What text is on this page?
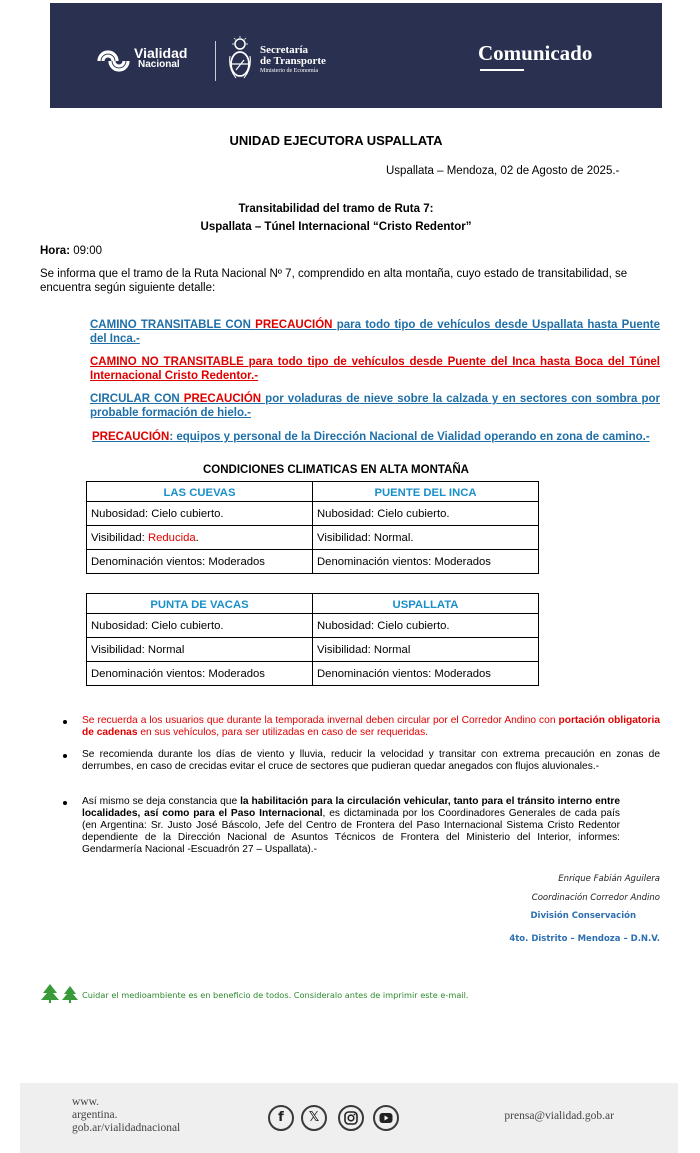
Vialidad
Nacional
Secretaría
de Transporte
Ministerio de Economía
Comunicado
UNIDAD EJECUTORA USPALLATA
Uspallata – Mendoza, 02 de Agosto de 2025.-
Transitabilidad del tramo de Ruta 7:
Uspallata – Túnel Internacional “Cristo Redentor”
Hora: 09:00

Se informa que el tramo de la Ruta Nacional Nº 7, comprendido en alta montaña, cuyo estado de transitabilidad, se encuentra según siguiente detalle:

CAMINO TRANSITABLE CON PRECAUCIÓN para todo tipo de vehículos desde Uspallata hasta Puente del Inca.-

CAMINO NO TRANSITABLE para todo tipo de vehículos desde Puente del Inca hasta Boca del Túnel Internacional Cristo Redentor.-

CIRCULAR CON PRECAUCIÓN por voladuras de nieve sobre la calzada y en sectores con sombra por probable formación de hielo.-

PRECAUCIÓN: equipos y personal de la Dirección Nacional de Vialidad operando en zona de camino.-

CONDICIONES CLIMATICAS EN ALTA MONTAÑA
LAS CUEVAS	PUENTE DEL INCA
Nubosidad: Cielo cubierto.	Nubosidad: Cielo cubierto.
Visibilidad: Reducida.	Visibilidad: Normal.
Denominación vientos: Moderados	Denominación vientos: Moderados
PUNTA DE VACAS	USPALLATA
Nubosidad: Cielo cubierto.	Nubosidad: Cielo cubierto.
Visibilidad: Normal	Visibilidad: Normal
Denominación vientos: Moderados	Denominación vientos: Moderados

Se recuerda a los usuarios que durante la temporada invernal deben circular por el Corredor Andino con portación obligatoria de cadenas en sus vehículos, para ser utilizadas en caso de ser requeridas.

Se recomienda durante los días de viento y lluvia, reducir la velocidad y transitar con extrema precaución en zonas de derrumbes, en caso de crecidas evitar el cruce de sectores que pudieran quedar anegados con flujos aluvionales.-

Así mismo se deja constancia que la habilitación para la circulación vehicular, tanto para el tránsito interno entre localidades, así como para el Paso Internacional, es dictaminada por los Coordinadores Generales de cada país (en Argentina: Sr. Justo José Báscolo, Jefe del Centro de Frontera del Paso Internacional Sistema Cristo Redentor dependiente de la Dirección Nacional de Asuntos Técnicos de Frontera del Ministerio del Interior, informes: Gendarmería Nacional -Escuadrón 27 – Uspallata).-

Enrique Fabián Aguilera
Coordinación Corredor Andino
División Conservación
4to. Distrito – Mendoza – D.N.V.
Cuidar el medioambiente es en beneficio de todos. Consideralo antes de imprimir este e-mail.
www.
argentina.
gob.ar/vialidadnacional
f	𝕏	prensa@vialidad.gob.ar
